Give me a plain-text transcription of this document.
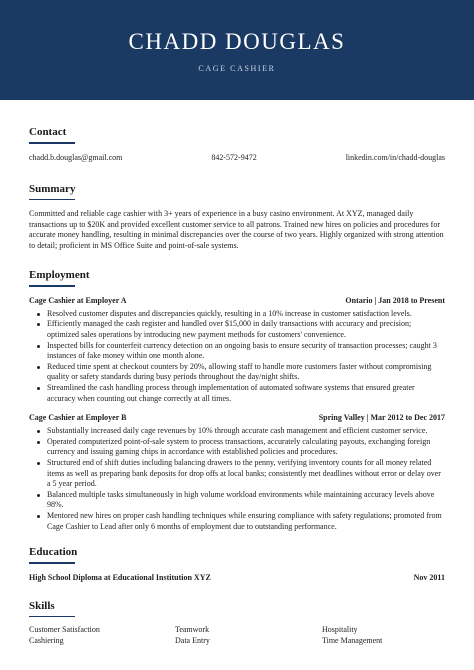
CHADD DOUGLAS
CAGE CASHIER
Contact
chadd.b.douglas@gmail.com	842-572-9472	linkedin.com/in/chadd-douglas
Summary

Committed and reliable cage cashier with 3+ years of experience in a busy casino environment. At XYZ, managed daily transactions up to $20K and provided excellent customer service to all patrons. Trained new hires on policies and procedures for accurate money handling, resulting in minimal discrepancies over the course of two years. Highly organized with strong attention to detail; proficient in MS Office Suite and point-of-sale systems.

Employment
Cage Cashier at Employer A	Ontario | Jan 2018 to Present
Resolved customer disputes and discrepancies quickly, resulting in a 10% increase in customer satisfaction levels.
Efficiently managed the cash register and handled over $15,000 in daily transactions with accuracy and precision; optimized sales operations by introducing new payment methods for customers' convenience.
Inspected bills for counterfeit currency detection on an ongoing basis to ensure security of transaction processes; caught 3 instances of fake money within one month alone.
Reduced time spent at checkout counters by 20%, allowing staff to handle more customers faster without compromising quality or safety standards during busy periods throughout the day/night shifts.
Streamlined the cash handling process through implementation of automated software systems that ensured greater accuracy when counting out change correctly at all times.
Cage Cashier at Employer B	Spring Valley | Mar 2012 to Dec 2017
Substantially increased daily cage revenues by 10% through accurate cash management and efficient customer service.
Operated computerized point-of-sale system to process transactions, accurately calculating payouts, exchanging foreign currency and issuing gaming chips in accordance with established policies and procedures.
Structured end of shift duties including balancing drawers to the penny, verifying inventory counts for all money related items as well as preparing bank deposits for drop offs at local banks; consistently met deadlines without error or delay over a 5 year period.
Balanced multiple tasks simultaneously in high volume workload environments while maintaining accuracy levels above 98%.
Mentored new hires on proper cash handling techniques while ensuring compliance with safety regulations; promoted from Cage Cashier to Lead after only 6 months of employment due to outstanding performance.
Education
High School Diploma at Educational Institution XYZ	Nov 2011
Skills
Customer Satisfaction	Teamwork	Hospitality
Cashiering	Data Entry	Time Management
